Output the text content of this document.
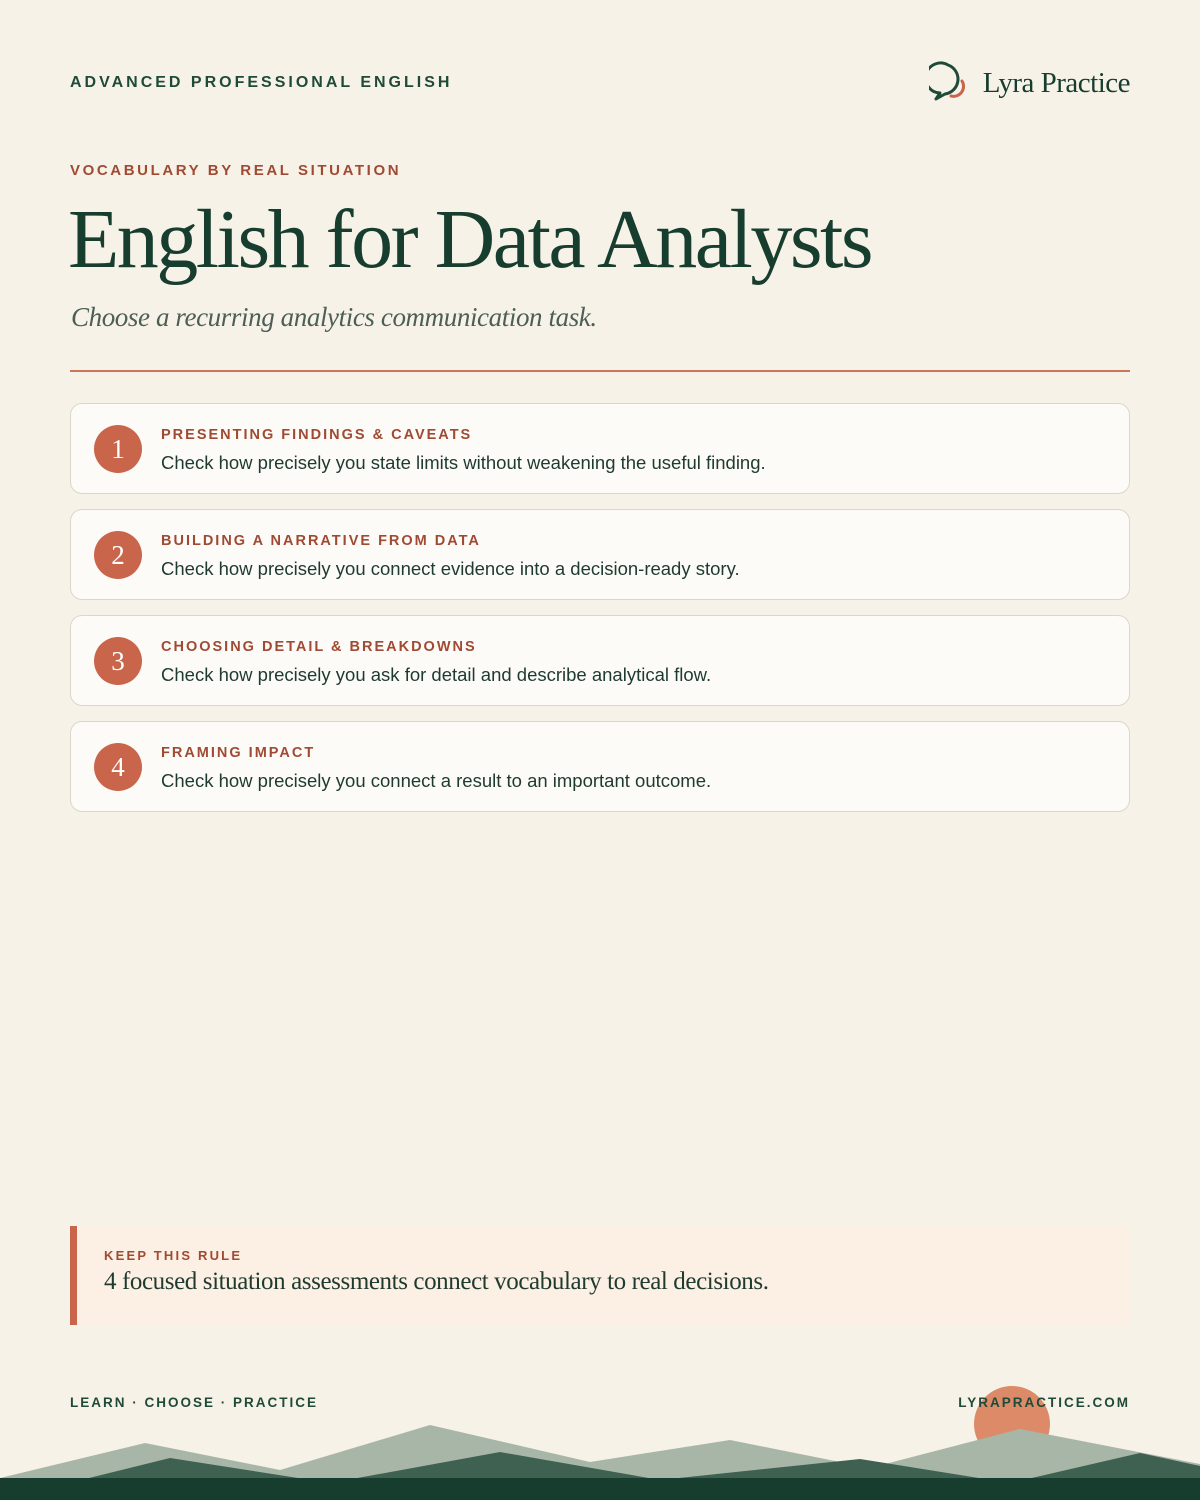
ADVANCED PROFESSIONAL ENGLISH	Lyra Practice
VOCABULARY BY REAL SITUATION
English for Data Analysts
Choose a recurring analytics communication task.
1	PRESENTING FINDINGS & CAVEATS
Check how precisely you state limits without weakening the useful finding.
2	BUILDING A NARRATIVE FROM DATA
Check how precisely you connect evidence into a decision-ready story.
3	CHOOSING DETAIL & BREAKDOWNS
Check how precisely you ask for detail and describe analytical flow.
4	FRAMING IMPACT
Check how precisely you connect a result to an important outcome.
KEEP THIS RULE
4 focused situation assessments connect vocabulary to real decisions.
LEARN · CHOOSE · PRACTICE	LYRAPRACTICE.COM
